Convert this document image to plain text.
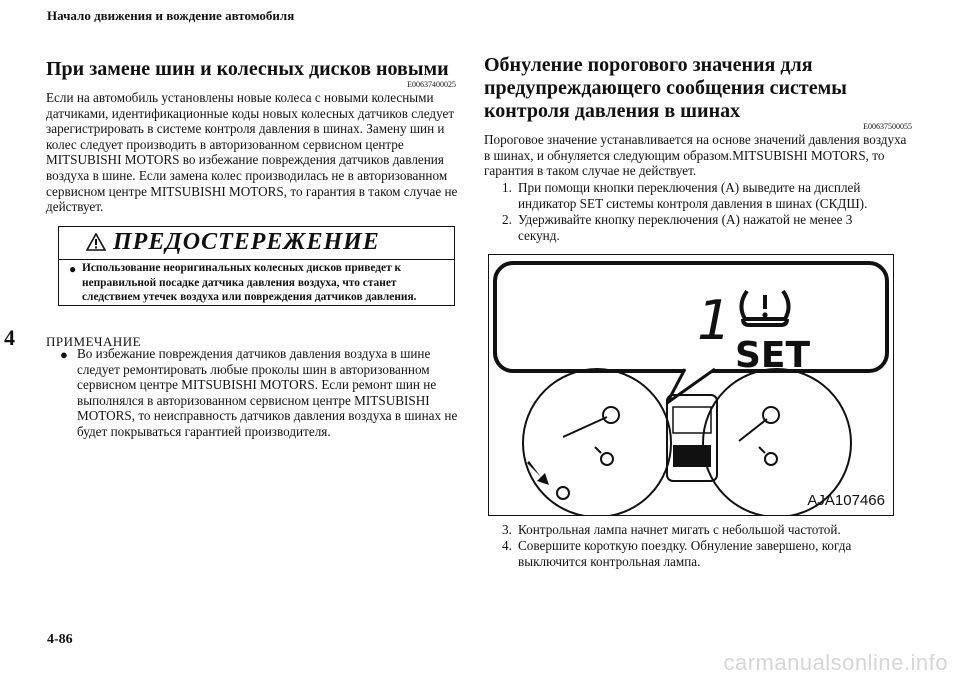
Начало движения и вождение автомобиля
4
4-86
carmanualsonline.info
При замене шин и колесных дисков новыми
E00637400025
Если на автомобиль установлены новые колеса с новыми колесными датчиками, идентификационные коды новых колесных датчиков следует зарегистрировать в системе контроля давления в шинах. Замену шин и колес следует производить в авторизованном сервисном центре MITSUBISHI MOTORS во избежание повреждения датчиков давления воздуха в шине. Если замена колес производилась не в авторизованном сервисном центре MITSUBISHI MOTORS, то гарантия в таком случае не действует.
ПРЕДОСТЕРЕЖЕНИЕ
● Использование неоригинальных колесных дисков приведет к неправильной посадке датчика давления воздуха, что станет следствием утечек воздуха или повреждения датчиков давления.
ПРИМЕЧАНИЕ
● Во избежание повреждения датчиков давления воздуха в шине следует ремонтировать любые проколы шин в авторизованном сервисном центре MITSUBISHI MOTORS. Если ремонт шин не выполнялся в авторизованном сервисном центре MITSUBISHI MOTORS, то неисправность датчиков давления воздуха в шинах не будет покрываться гарантией производителя.
Обнуление порогового значения для предупреждающего сообщения системы контроля давления в шинах
E00637500055
Пороговое значение устанавливается на основе значений давления воздуха в шинах, и обнуляется следующим образом.MITSUBISHI MOTORS, то гарантия в таком случае не действует.
1. При помощи кнопки переключения (A) выведите на дисплей
индикатор SET системы контроля давления в шинах (СКДШ).
2. Удерживайте кнопку переключения (A) нажатой не менее 3
секунд.
1
SET
AJA107466
3. Контрольная лампа начнет мигать с небольшой частотой.
4. Совершите короткую поездку. Обнуление завершено, когда
выключится контрольная лампа.
